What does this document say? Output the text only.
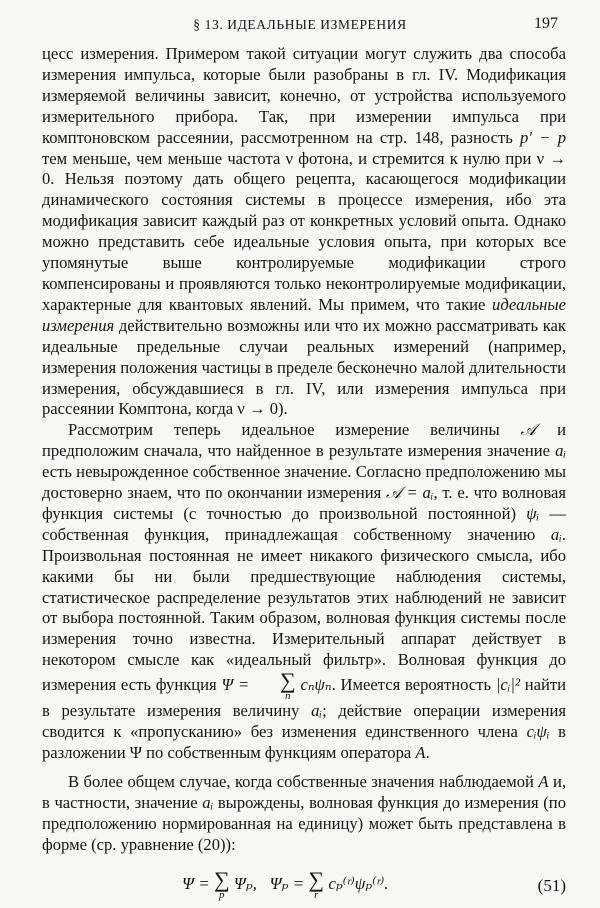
§ 13. ИДЕАЛЬНЫЕ ИЗМЕРЕНИЯ	197

цесс измерения. Примером такой ситуации могут служить два способа измерения импульса, которые были разобраны в гл. IV. Модификация измеряемой величины зависит, конечно, от устройства используемого измерительного прибора. Так, при измерении импульса при комптоновском рассеянии, рассмотренном на стр. 148, разность p′ − p тем меньше, чем меньше частота ν фотона, и стремится к нулю при ν → 0. Нельзя поэтому дать общего рецепта, касающегося модификации динамического состояния системы в процессе измерения, ибо эта модификация зависит каждый раз от конкретных условий опыта. Однако можно представить себе идеальные условия опыта, при которых все упомянутые выше контролируемые модификации строго компенсированы и проявляются только неконтролируемые модификации, характерные для квантовых явлений. Мы примем, что такие идеальные измерения действительно возможны или что их можно рассматривать как идеальные предельные случаи реальных измерений (например, измерения положения частицы в пределе бесконечно малой длительности измерения, обсуждавшиеся в гл. IV, или измерения импульса при рассеянии Комптона, когда ν → 0).

Рассмотрим теперь идеальное измерение величины 𝒜 и предположим сначала, что найденное в результате измерения значение aᵢ есть невырожденное собственное значение. Согласно предположению мы достоверно знаем, что по окончании измерения 𝒜 = aᵢ, т. е. что волновая функция системы (с точностью до произвольной постоянной) ψᵢ — собственная функция, принадлежащая собственному значению aᵢ. Произвольная постоянная не имеет никакого физического смысла, ибо какими бы ни были предшествующие наблюдения системы, статистическое распределение результатов этих наблюдений не зависит от выбора постоянной. Таким образом, волновая функция системы после измерения точно известна. Измерительный аппарат действует в некотором смысле как «идеальный фильтр». Волновая функция до измерения есть функция Ψ =	∑
n
cₙψₙ. Имеется вероятность |cᵢ|² найти в результате измерения величину aᵢ; действие операции измерения сводится к «пропусканию» без изменения единственного члена cᵢψᵢ в разложении Ψ по собственным функциям оператора A.

В более общем случае, когда собственные значения наблюдаемой A и, в частности, значение aᵢ вырождены, волновая функция до измерения (по предположению нормированная на единицу) может быть представлена в форме (ср. уравнение (20)):

Ψ = ∑
p
Ψₚ, Ψₚ = ∑
r
cₚ⁽ʳ⁾ψₚ⁽ʳ⁾.	(51)
